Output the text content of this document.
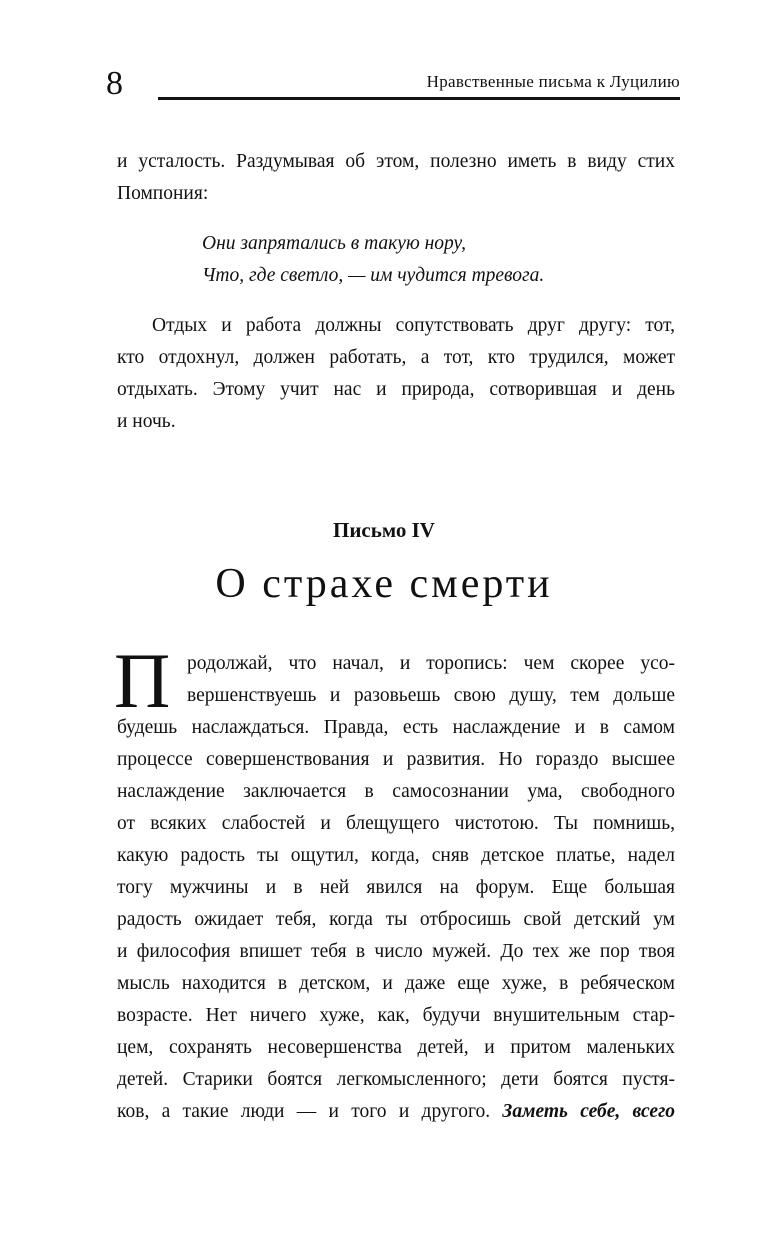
8	Нравственные письма к Луцилию
и усталость. Раздумывая об этом, полезно иметь в виду стих
Помпония:
Они запрятались в такую нору,
Что, где светло, — им чудится тревога.
Отдых и работа должны сопутствовать друг другу: тот,
кто отдохнул, должен работать, а тот, кто трудился, может
отдыхать. Этому учит нас и природа, сотворившая и день
и ночь.
Письмо IV
О страхе смерти
П родолжай, что начал, и торопись: чем скорее усо-
вершенствуешь и разовьешь свою душу, тем дольше
будешь наслаждаться. Правда, есть наслаждение и в самом
процессе совершенствования и развития. Но гораздо высшее
наслаждение заключается в самосознании ума, свободного
от всяких слабостей и блещущего чистотою. Ты помнишь,
какую радость ты ощутил, когда, сняв детское платье, надел
тогу мужчины и в ней явился на форум. Еще большая
радость ожидает тебя, когда ты отбросишь свой детский ум
и философия впишет тебя в число мужей. До тех же пор твоя
мысль находится в детском, и даже еще хуже, в ребяческом
возрасте. Нет ничего хуже, как, будучи внушительным стар-
цем, сохранять несовершенства детей, и притом маленьких
детей. Старики боятся легкомысленного; дети боятся пустя-
ков, а такие люди — и того и другого. Заметь себе, всего
